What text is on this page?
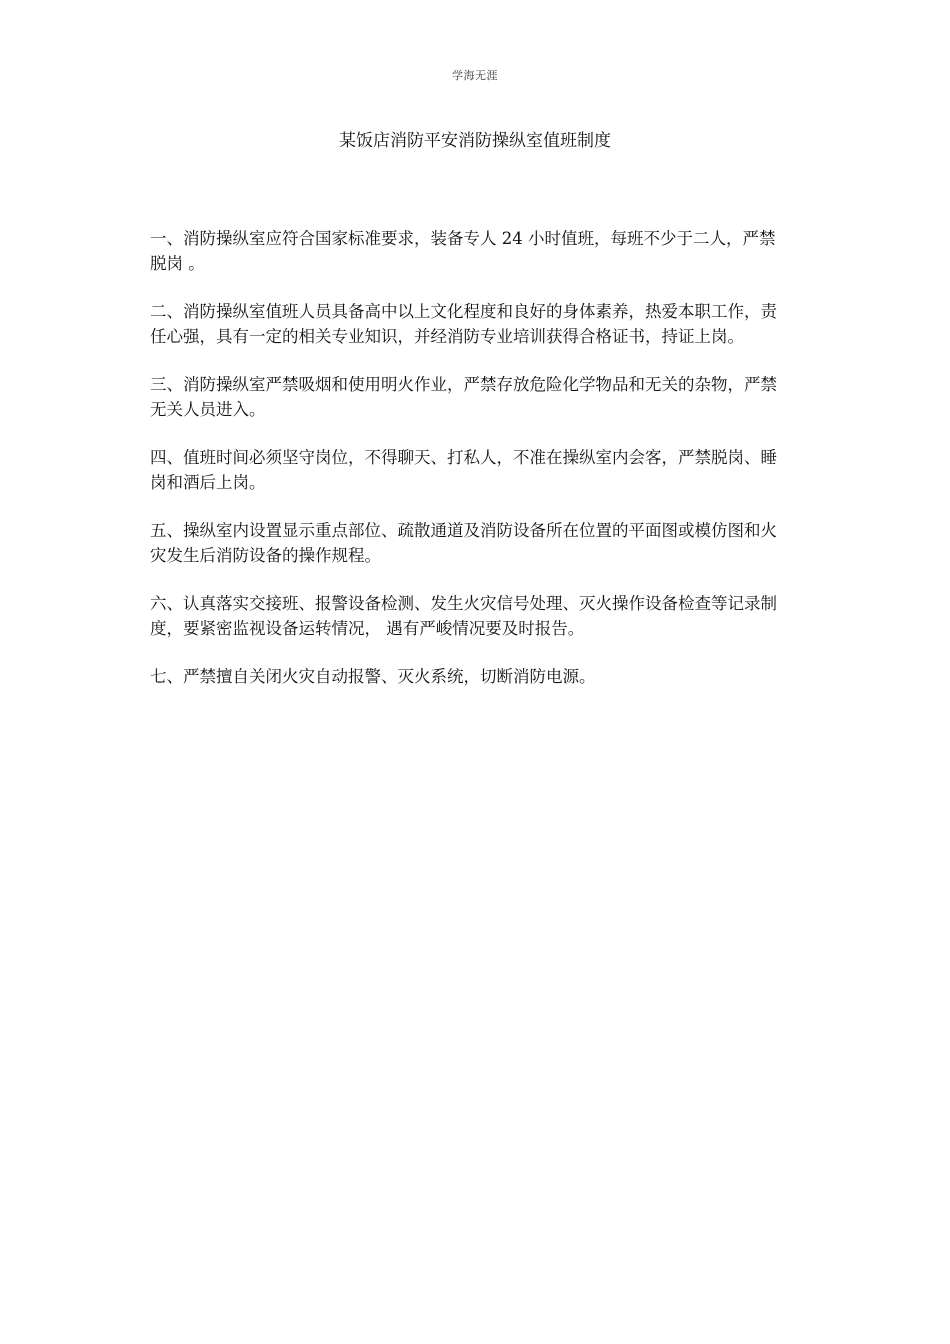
学海无涯
某饭店消防平安消防操纵室值班制度

一、消防操纵室应符合国家标准要求，装备专人 24 小时值班，每班不少于二人，严禁脱岗 。

二、消防操纵室值班人员具备高中以上文化程度和良好的身体素养，热爱本职工作，责任心强，具有一定的相关专业知识，并经消防专业培训获得合格证书，持证上岗。

三、消防操纵室严禁吸烟和使用明火作业，严禁存放危险化学物品和无关的杂物，严禁无关人员进入。

四、值班时间必须坚守岗位，不得聊天、打私人，不准在操纵室内会客，严禁脱岗、睡岗和酒后上岗。

五、操纵室内设置显示重点部位、疏散通道及消防设备所在位置的平面图或模仿图和火灾发生后消防设备的操作规程。

六、认真落实交接班、报警设备检测、发生火灾信号处理、灭火操作设备检查等记录制度，要紧密监视设备运转情况， 遇有严峻情况要及时报告。

七、严禁擅自关闭火灾自动报警、灭火系统，切断消防电源。
